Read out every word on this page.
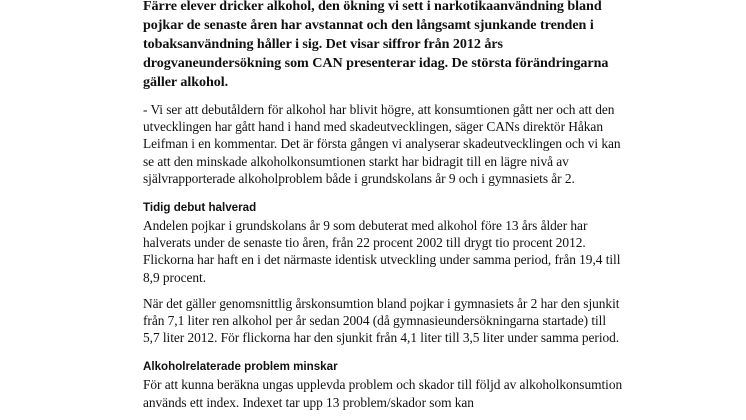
Färre elever dricker alkohol, den ökning vi sett i narkotikaanvändning bland pojkar de senaste åren har avstannat och den långsamt sjunkande trenden i tobaksanvändning håller i sig. Det visar siffror från 2012 års drogvaneundersökning som CAN presenterar idag. De största förändringarna gäller alkohol.

- Vi ser att debutåldern för alkohol har blivit högre, att konsumtionen gått ner och att den utvecklingen har gått hand i hand med skadeutvecklingen, säger CANs direktör Håkan Leifman i en kommentar. Det är första gången vi analyserar skadeutvecklingen och vi kan se att den minskade alkoholkonsumtionen starkt har bidragit till en lägre nivå av självrapporterade alkoholproblem både i grundskolans år 9 och i gymnasiets år 2.

Tidig debut halverad

Andelen pojkar i grundskolans år 9 som debuterat med alkohol före 13 års ålder har halverats under de senaste tio åren, från 22 procent 2002 till drygt tio procent 2012. Flickorna har haft en i det närmaste identisk utveckling under samma period, från 19,4 till 8,9 procent.

När det gäller genomsnittlig årskonsumtion bland pojkar i gymnasiets år 2 har den sjunkit från 7,1 liter ren alkohol per år sedan 2004 (då gymnasieundersökningarna startade) till 5,7 liter 2012. För flickorna har den sjunkit från 4,1 liter till 3,5 liter under samma period.

Alkoholrelaterade problem minskar

För att kunna beräkna ungas upplevda problem och skador till följd av alkoholkonsumtion används ett index. Indexet tar upp 13 problem/skador som kan
